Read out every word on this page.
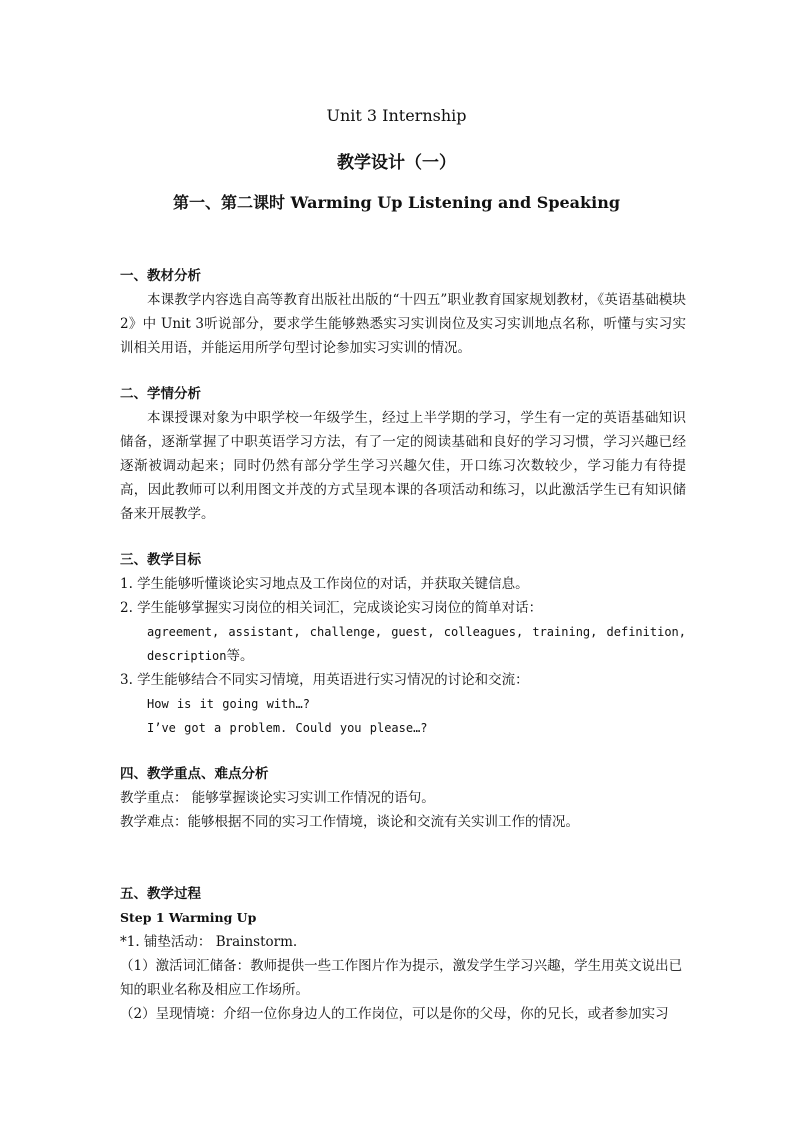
Unit 3 Internship
教学设计（一）
第一、第二课时 Warming Up Listening and Speaking

一、教材分析

本课教学内容选自高等教育出版社出版的“十四五”职业教育国家规划教材，《英语基础模块 2》中 Unit 3听说部分，要求学生能够熟悉实习实训岗位及实习实训地点名称，听懂与实习实训相关用语，并能运用所学句型讨论参加实习实训的情况。

二、学情分析

本课授课对象为中职学校一年级学生，经过上半学期的学习，学生有一定的英语基础知识储备，逐渐掌握了中职英语学习方法，有了一定的阅读基础和良好的学习习惯，学习兴趣已经逐渐被调动起来；同时仍然有部分学生学习兴趣欠佳，开口练习次数较少，学习能力有待提高，因此教师可以利用图文并茂的方式呈现本课的各项活动和练习，以此激活学生已有知识储备来开展教学。

三、教学目标

1. 学生能够听懂谈论实习地点及工作岗位的对话，并获取关键信息。

2. 学生能够掌握实习岗位的相关词汇，完成谈论实习岗位的简单对话：

agreement, assistant, challenge, guest, colleagues, training, definition,

description等。

3. 学生能够结合不同实习情境，用英语进行实习情况的讨论和交流：

How is it going with…?

I’ve got a problem. Could you please…?

四、教学重点、难点分析

教学重点： 能够掌握谈论实习实训工作情况的语句。

教学难点：能够根据不同的实习工作情境，谈论和交流有关实训工作的情况。

五、教学过程

Step 1 Warming Up

*1. 铺垫活动： Brainstorm.

（1）激活词汇储备：教师提供一些工作图片作为提示，激发学生学习兴趣，学生用英文说出已知的职业名称及相应工作场所。

（2）呈现情境：介绍一位你身边人的工作岗位，可以是你的父母，你的兄长，或者参加实习
